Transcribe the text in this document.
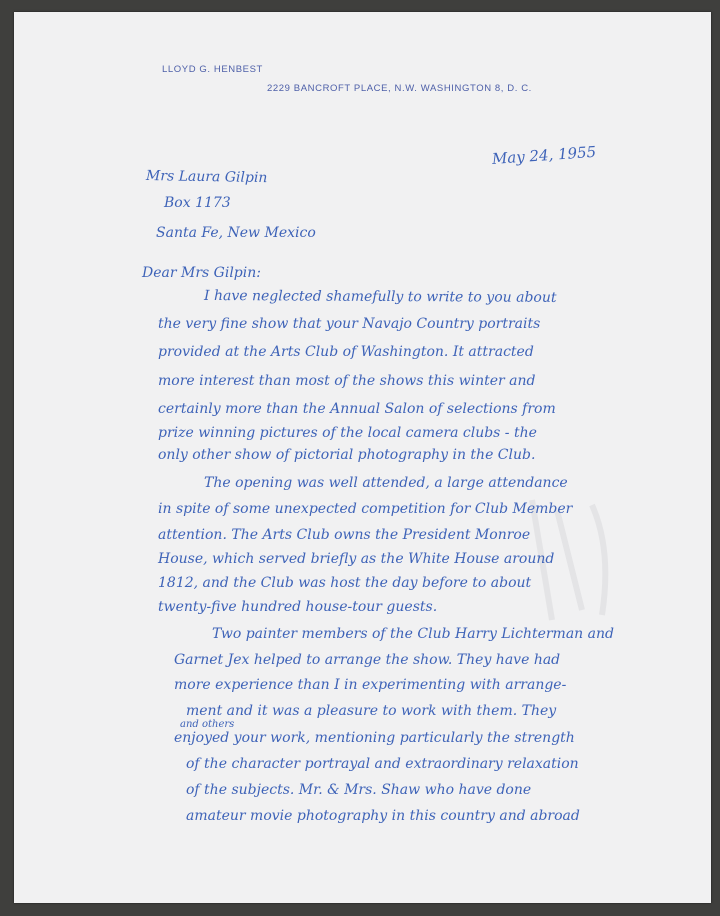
LLOYD G. HENBEST
2229 BANCROFT PLACE, N.W. WASHINGTON 8, D. C.
May 24, 1955
Mrs Laura Gilpin
Box 1173
Santa Fe, New Mexico
Dear Mrs Gilpin:
I have neglected shamefully to write to you about
the very fine show that your Navajo Country portraits
provided at the Arts Club of Washington. It attracted
more interest than most of the shows this winter and
certainly more than the Annual Salon of selections from
prize winning pictures of the local camera clubs - the
only other show of pictorial photography in the Club.
The opening was well attended, a large attendance
in spite of some unexpected competition for Club Member
attention. The Arts Club owns the President Monroe
House, which served briefly as the White House around
1812, and the Club was host the day before to about
twenty-five hundred house-tour guests.
Two painter members of the Club Harry Lichterman and
Garnet Jex helped to arrange the show. They have had
more experience than I in experimenting with arrange-
ment and it was a pleasure to work with them. They
and others
enjoyed your work, mentioning particularly the strength
of the character portrayal and extraordinary relaxation
of the subjects. Mr. & Mrs. Shaw who have done
amateur movie photography in this country and abroad
